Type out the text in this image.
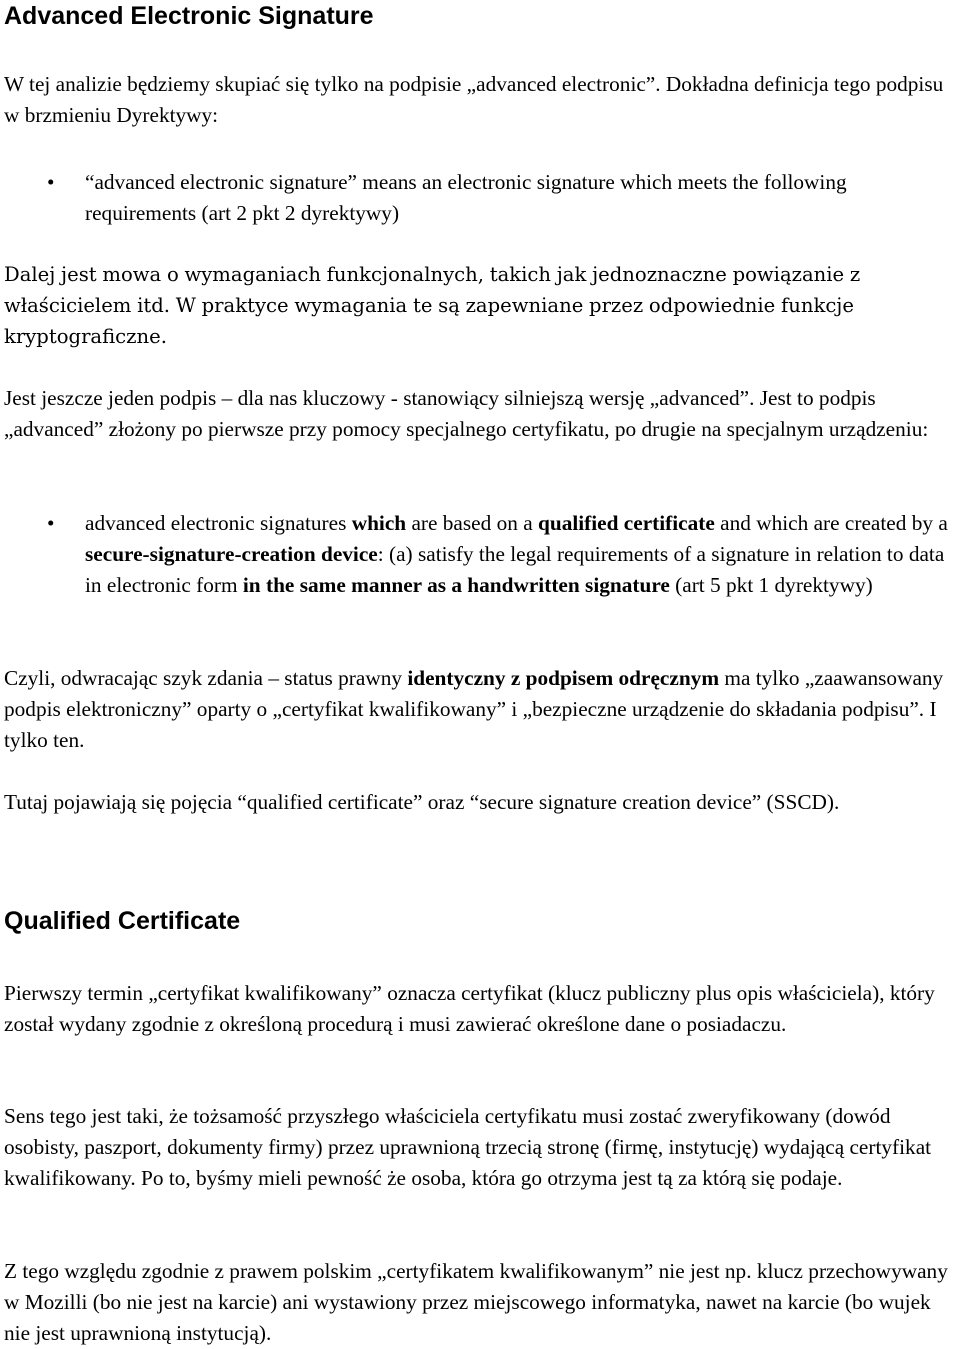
Advanced Electronic Signature

W tej analizie będziemy skupiać się tylko na podpisie „advanced electronic”. Dokładna definicja tego podpisu w brzmieniu Dyrektywy:

• “advanced electronic signature” means an electronic signature which meets the following requirements (art 2 pkt 2 dyrektywy)

Dalej jest mowa o wymaganiach funkcjonalnych, takich jak jednoznaczne powiązanie z właścicielem itd. W praktyce wymagania te są zapewniane przez odpowiednie funkcje kryptograficzne.

Jest jeszcze jeden podpis – dla nas kluczowy - stanowiący silniejszą wersję „advanced”. Jest to podpis „advanced” złożony po pierwsze przy pomocy specjalnego certyfikatu, po drugie na specjalnym urządzeniu:

• advanced electronic signatures which are based on a qualified certificate and which are created by a secure-signature-creation device: (a) satisfy the legal requirements of a signature in relation to data in electronic form in the same manner as a handwritten signature (art 5 pkt 1 dyrektywy)

Czyli, odwracając szyk zdania – status prawny identyczny z podpisem odręcznym ma tylko „zaawansowany podpis elektroniczny” oparty o „certyfikat kwalifikowany” i „bezpieczne urządzenie do składania podpisu”. I tylko ten.

Tutaj pojawiają się pojęcia “qualified certificate” oraz “secure signature creation device” (SSCD).

Qualified Certificate

Pierwszy termin „certyfikat kwalifikowany” oznacza certyfikat (klucz publiczny plus opis właściciela), który został wydany zgodnie z określoną procedurą i musi zawierać określone dane o posiadaczu.

Sens tego jest taki, że tożsamość przyszłego właściciela certyfikatu musi zostać zweryfikowany (dowód osobisty, paszport, dokumenty firmy) przez uprawnioną trzecią stronę (firmę, instytucję) wydającą certyfikat kwalifikowany. Po to, byśmy mieli pewność że osoba, która go otrzyma jest tą za którą się podaje.

Z tego względu zgodnie z prawem polskim „certyfikatem kwalifikowanym” nie jest np. klucz przechowywany w Mozilli (bo nie jest na karcie) ani wystawiony przez miejscowego informatyka, nawet na karcie (bo wujek nie jest uprawnioną instytucją).
